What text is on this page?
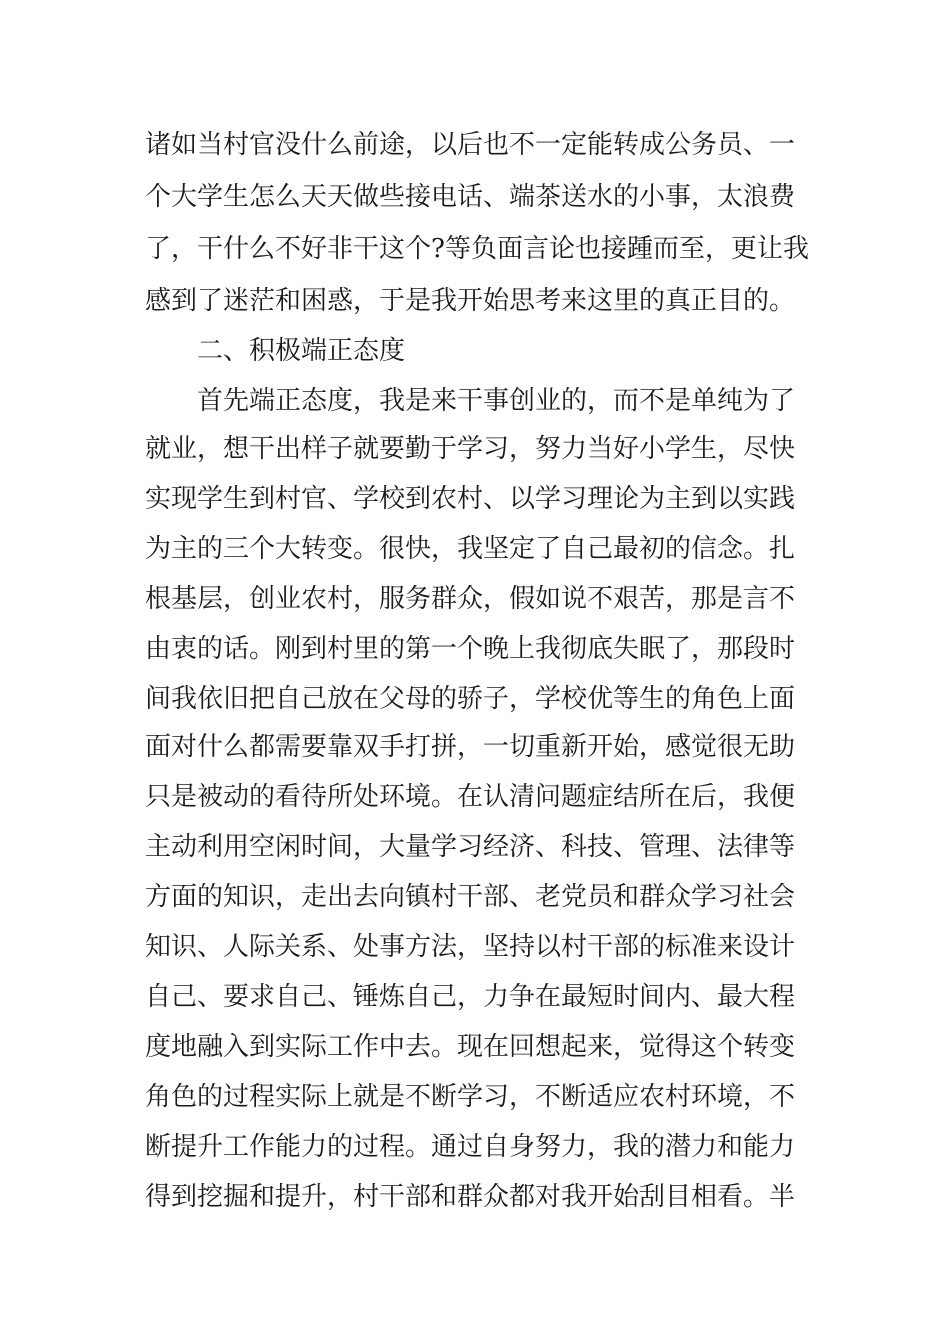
诸如当村官没什么前途，以后也不一定能转成公务员、一
个大学生怎么天天做些接电话、端茶送水的小事，太浪费
了，干什么不好非干这个?等负面言论也接踵而至，更让我
感到了迷茫和困惑，于是我开始思考来这里的真正目的。
二、积极端正态度
首先端正态度，我是来干事创业的，而不是单纯为了
就业，想干出样子就要勤于学习，努力当好小学生，尽快
实现学生到村官、学校到农村、以学习理论为主到以实践
为主的三个大转变。很快，我坚定了自己最初的信念。扎
根基层，创业农村，服务群众，假如说不艰苦，那是言不
由衷的话。刚到村里的第一个晚上我彻底失眠了，那段时
间我依旧把自己放在父母的骄子，学校优等生的角色上面
面对什么都需要靠双手打拼，一切重新开始，感觉很无助
只是被动的看待所处环境。在认清问题症结所在后，我便
主动利用空闲时间，大量学习经济、科技、管理、法律等
方面的知识，走出去向镇村干部、老党员和群众学习社会
知识、人际关系、处事方法，坚持以村干部的标准来设计
自己、要求自己、锤炼自己，力争在最短时间内、最大程
度地融入到实际工作中去。现在回想起来，觉得这个转变
角色的过程实际上就是不断学习，不断适应农村环境，不
断提升工作能力的过程。通过自身努力，我的潜力和能力
得到挖掘和提升，村干部和群众都对我开始刮目相看。半
